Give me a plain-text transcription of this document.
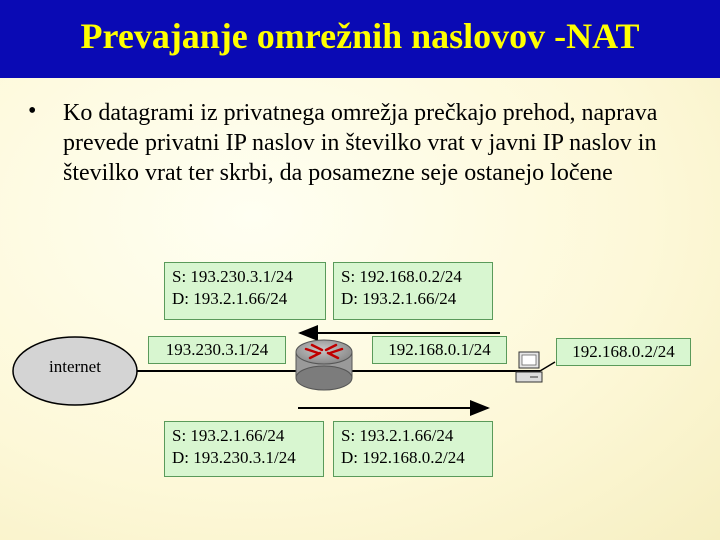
Prevajanje omrežnih naslovov -NAT
• Ko datagrami iz privatnega omrežja prečkajo prehod, naprava prevede privatni IP naslov in številko vrat v javni IP naslov in številko vrat ter skrbi, da posamezne seje ostanejo ločene
internet
S: 193.230.3.1/24
D: 193.2.1.66/24
S: 192.168.0.2/24
D: 193.2.1.66/24
193.230.3.1/24	192.168.0.1/24	192.168.0.2/24
S: 193.2.1.66/24
D: 193.230.3.1/24
S: 193.2.1.66/24
D: 192.168.0.2/24
